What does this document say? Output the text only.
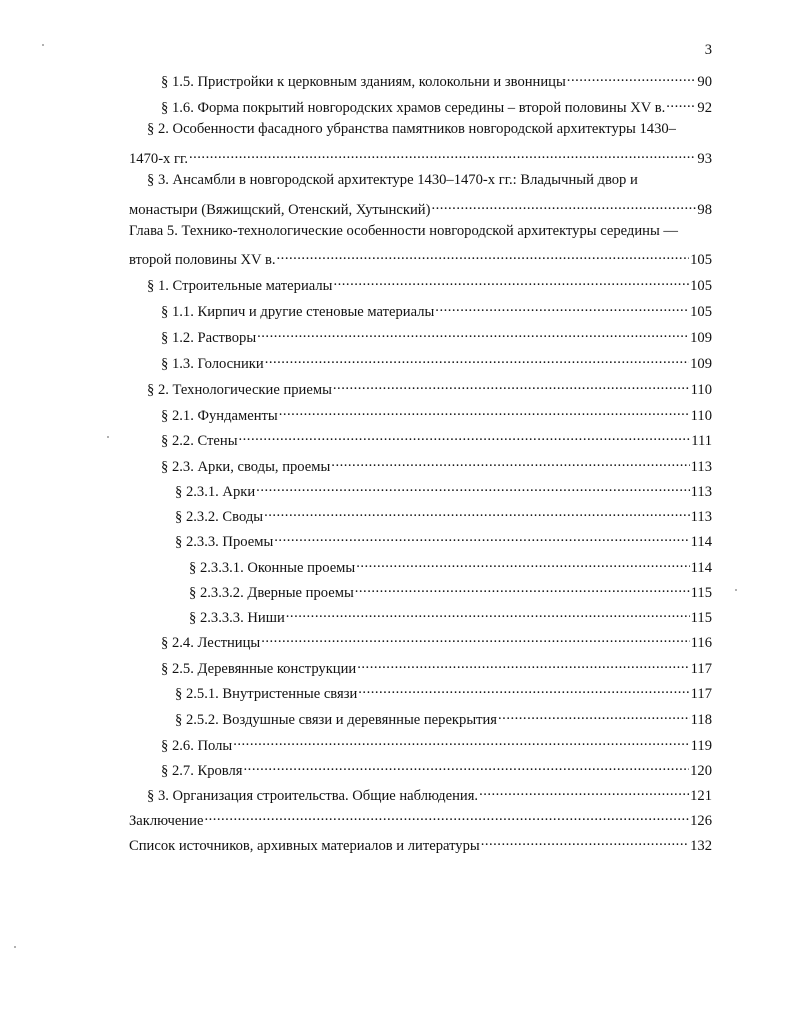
3
§ 1.5. Пристройки к церковным зданиям, колокольни и звонницы .....	90
§ 1.6. Форма покрытий новгородских храмов середины – второй половины XV в. ..... 92
§ 2. Особенности фасадного убранства памятников новгородской архитектуры 1430–
1470-х гг. .....	93
§ 3. Ансамбли в новгородской архитектуре 1430–1470-х гг.: Владычный двор и
монастыри (Вяжищский, Отенский, Хутынский) .....	98
Глава 5. Технико-технологические особенности новгородской архитектуры середины —
второй половины XV в. .....	105
§ 1. Строительные материалы .....	105
§ 1.1. Кирпич и другие стеновые материалы .....	105
§ 1.2. Растворы .....	109
§ 1.3. Голосники .....	109
§ 2. Технологические приемы .....	110
§ 2.1. Фундаменты .....	110
§ 2.2. Стены .....	111
§ 2.3. Арки, своды, проемы .....	113
§ 2.3.1. Арки .....	113
§ 2.3.2. Своды .....	113
§ 2.3.3. Проемы .....	114
§ 2.3.3.1. Оконные проемы .....	114
§ 2.3.3.2. Дверные проемы .....	115
§ 2.3.3.3. Ниши .....	115
§ 2.4. Лестницы .....	116
§ 2.5. Деревянные конструкции .....	117
§ 2.5.1. Внутристенные связи .....	117
§ 2.5.2. Воздушные связи и деревянные перекрытия .....	118
§ 2.6. Полы .....	119
§ 2.7. Кровля .....	120
§ 3. Организация строительства. Общие наблюдения. .....	121
Заключение .....	126
Список источников, архивных материалов и литературы .....	132
